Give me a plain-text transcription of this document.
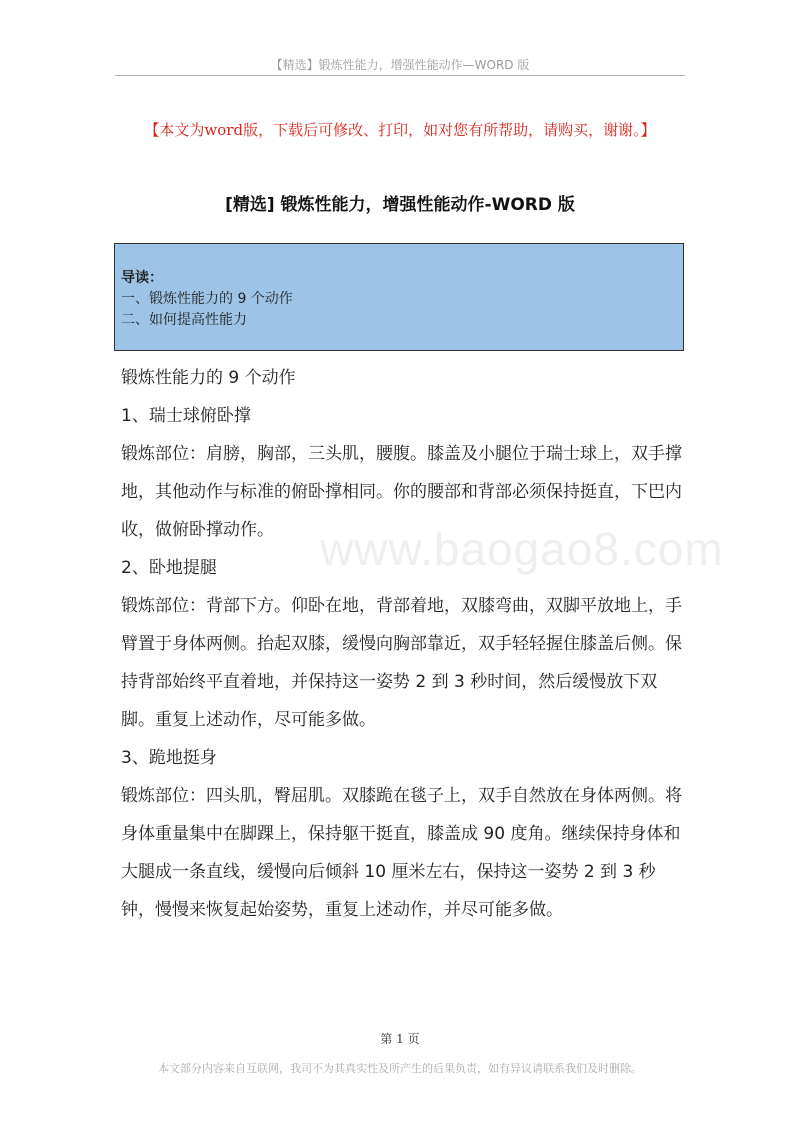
【精选】锻炼性能力，增强性能动作—WORD 版
【本文为word版，下载后可修改、打印，如对您有所帮助，请购买，谢谢。】
[精选] 锻炼性能力，增强性能动作-WORD 版
导读：
一、锻炼性能力的 9 个动作
二、如何提高性能力
www.baogao8.com

锻炼性能力的 9 个动作

1、瑞士球俯卧撑

锻炼部位：肩膀，胸部，三头肌，腰腹。膝盖及小腿位于瑞士球上，双手撑地，其他动作与标准的俯卧撑相同。你的腰部和背部必须保持挺直，下巴内收，做俯卧撑动作。

2、卧地提腿

锻炼部位：背部下方。仰卧在地，背部着地，双膝弯曲，双脚平放地上，手臂置于身体两侧。抬起双膝，缓慢向胸部靠近，双手轻轻握住膝盖后侧。保持背部始终平直着地，并保持这一姿势 2 到 3 秒时间，然后缓慢放下双脚。重复上述动作，尽可能多做。

3、跪地挺身

锻炼部位：四头肌，臀屈肌。双膝跪在毯子上，双手自然放在身体两侧。将身体重量集中在脚踝上，保持躯干挺直，膝盖成 90 度角。继续保持身体和大腿成一条直线，缓慢向后倾斜 10 厘米左右，保持这一姿势 2 到 3 秒钟，慢慢来恢复起始姿势，重复上述动作，并尽可能多做。

第 1 页
本文部分内容来自互联网，我司不为其真实性及所产生的后果负责，如有异议请联系我们及时删除。
